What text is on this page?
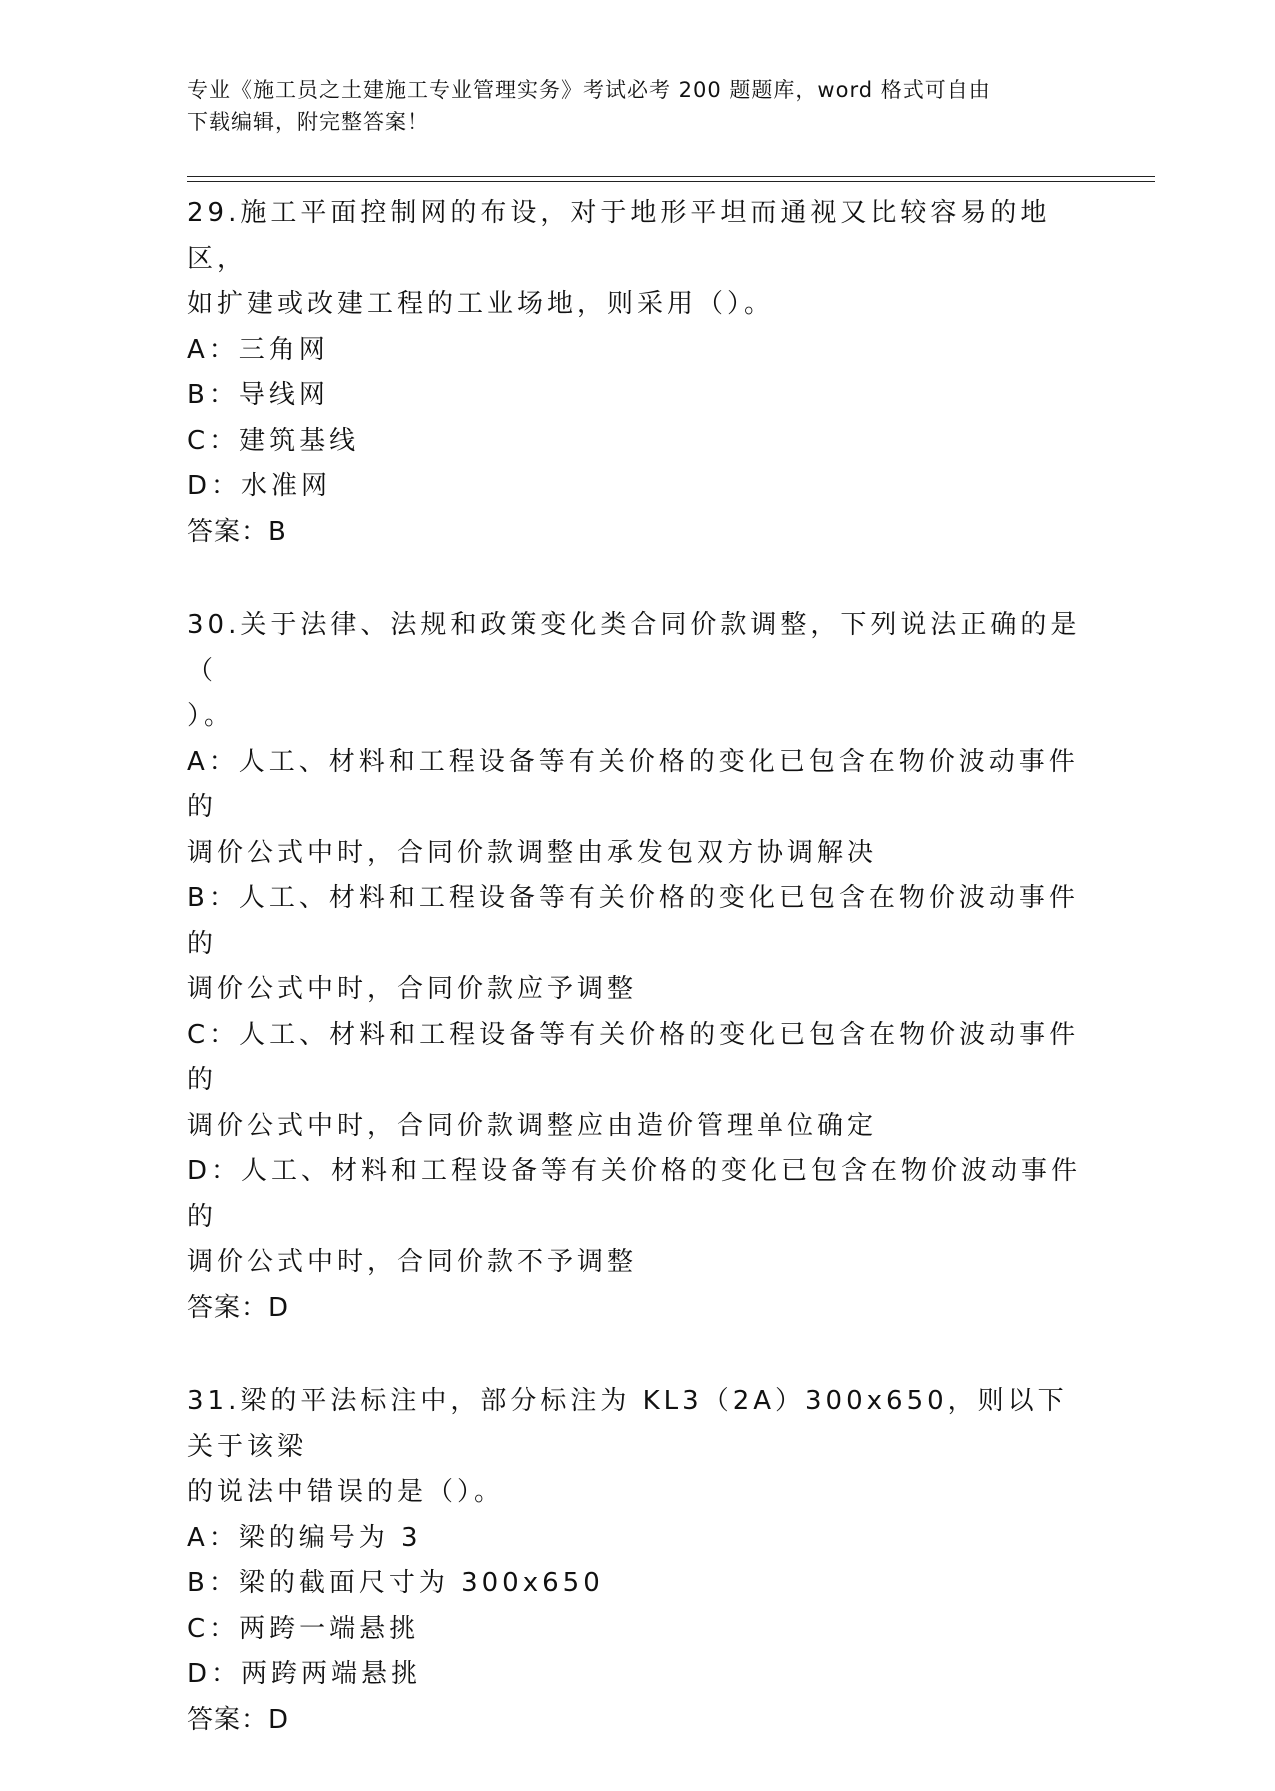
专业《施工员之土建施工专业管理实务》考试必考 200 题题库，word 格式可自由
下载编辑，附完整答案！
29.施工平面控制网的布设，对于地形平坦而通视又比较容易的地区，
如扩建或改建工程的工业场地，则采用（）。
A：三角网
B：导线网
C：建筑基线
D：水准网
答案：B
30.关于法律、法规和政策变化类合同价款调整，下列说法正确的是（
）。
A：人工、材料和工程设备等有关价格的变化已包含在物价波动事件的
调价公式中时，合同价款调整由承发包双方协调解决
B：人工、材料和工程设备等有关价格的变化已包含在物价波动事件的
调价公式中时，合同价款应予调整
C：人工、材料和工程设备等有关价格的变化已包含在物价波动事件的
调价公式中时，合同价款调整应由造价管理单位确定
D：人工、材料和工程设备等有关价格的变化已包含在物价波动事件的
调价公式中时，合同价款不予调整
答案：D
31.梁的平法标注中，部分标注为 KL3（2A）300x650，则以下关于该梁
的说法中错误的是（）。
A：梁的编号为 3
B：梁的截面尺寸为 300x650
C：两跨一端悬挑
D：两跨两端悬挑
答案：D
